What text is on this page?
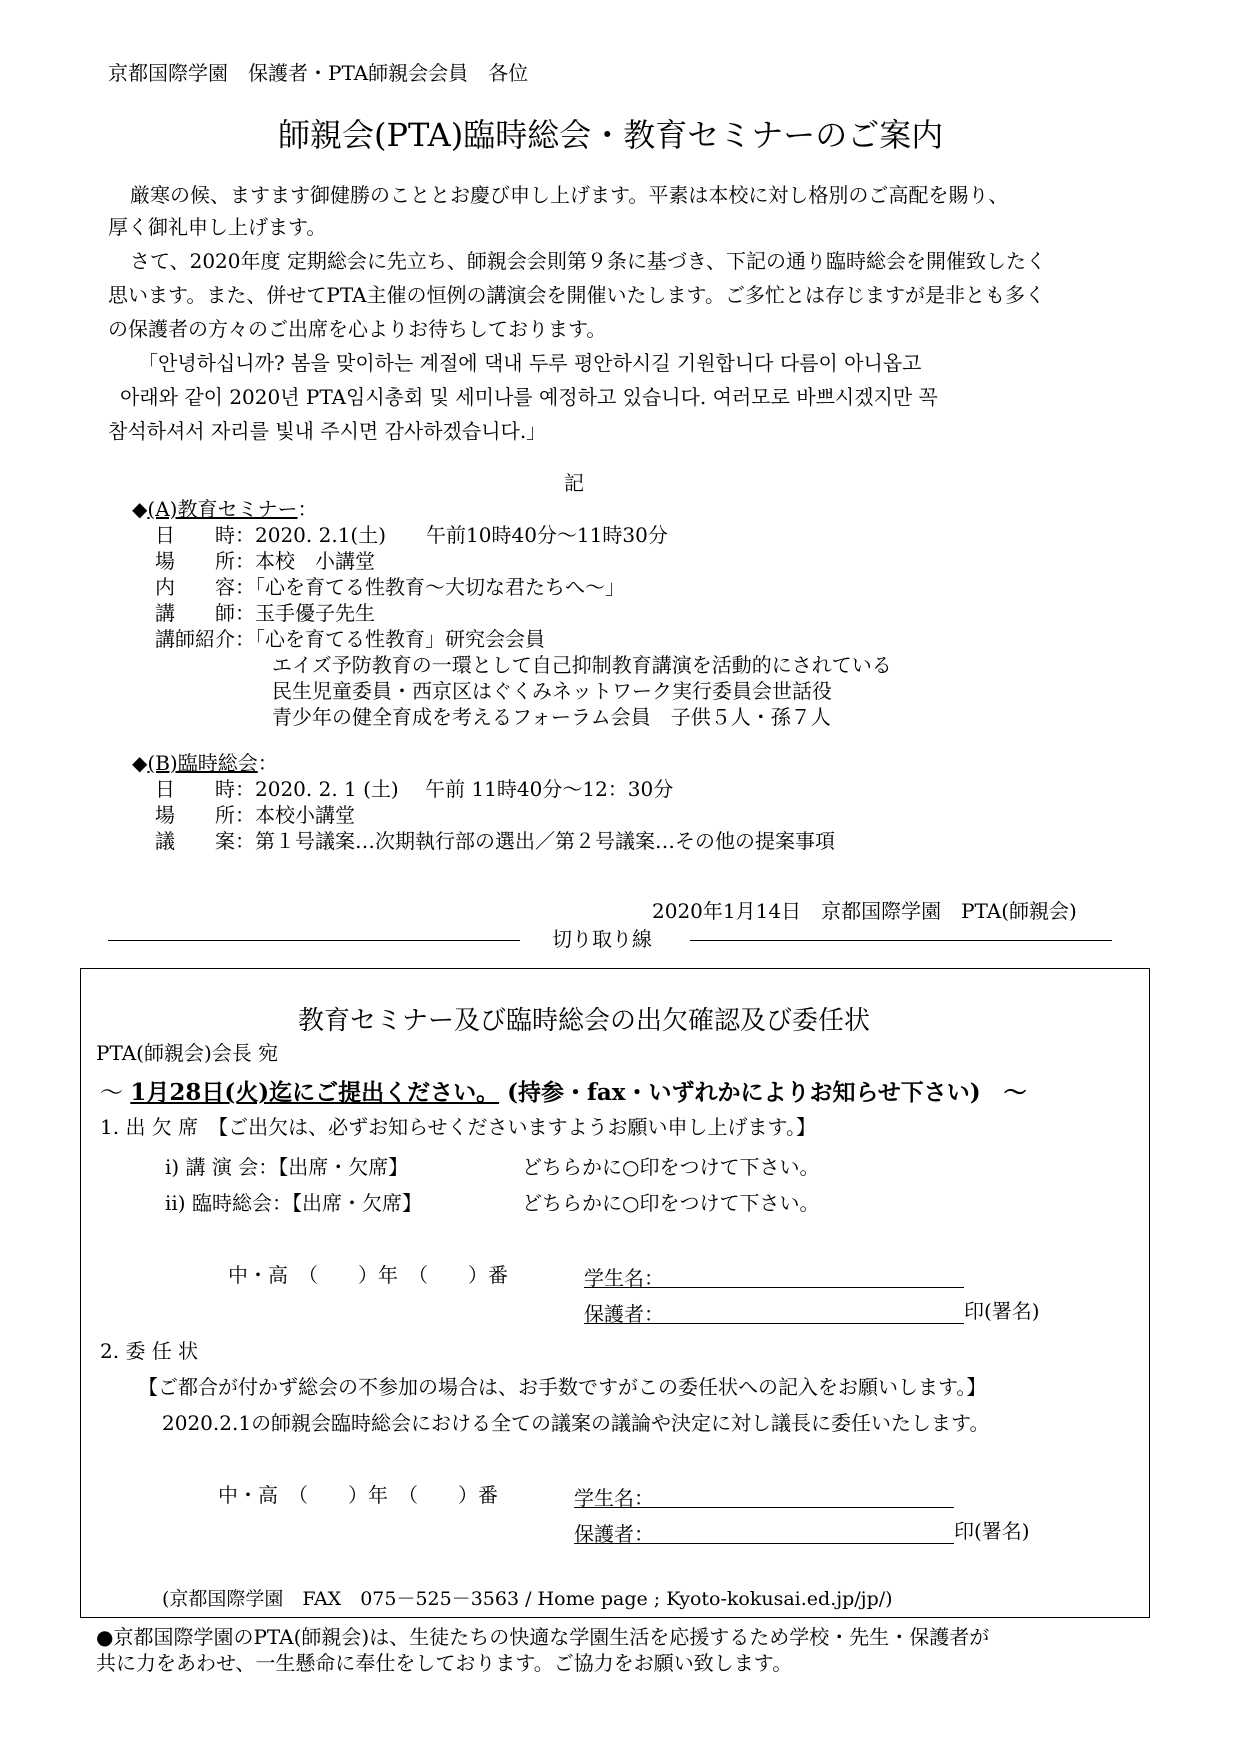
京都国際学園　保護者・PTA師親会会員　各位
師親会(PTA)臨時総会・教育セミナーのご案内
厳寒の候、ますます御健勝のこととお慶び申し上げます。平素は本校に対し格別のご高配を賜り、
厚く御礼申し上げます。
さて、2020年度 定期総会に先立ち、師親会会則第９条に基づき、下記の通り臨時総会を開催致したく
思います。また、併せてPTA主催の恒例の講演会を開催いたします。ご多忙とは存じますが是非とも多く
の保護者の方々のご出席を心よりお待ちしております。
「안녕하십니까? 봄을 맞이하는 계절에 댁내 두루 평안하시길 기원합니다 다름이 아니옵고
아래와 같이 2020년 PTA임시총회 및 세미나를 예정하고 있습니다. 여러모로 바쁘시겠지만 꼭
참석하셔서 자리를 빛내 주시면 감사하겠습니다.」
記
◆(A)教育セミナー：
日　　時：2020. 2.1(土)　　午前10時40分～11時30分
場　　所：本校　小講堂
内　　容：「心を育てる性教育～大切な君たちへ～」
講　　師：玉手優子先生
講師紹介：「心を育てる性教育」研究会会員
エイズ予防教育の一環として自己抑制教育講演を活動的にされている
民生児童委員・西京区はぐくみネットワーク実行委員会世話役
青少年の健全育成を考えるフォーラム会員　子供５人・孫７人
◆(B)臨時総会：
日　　時：2020. 2. 1 (土)　 午前 11時40分～12：30分
場　　所：本校小講堂
議　　案：第１号議案…次期執行部の選出／第２号議案…その他の提案事項
2020年1月14日　京都国際学園　PTA(師親会)
切り取り線
教育セミナー及び臨時総会の出欠確認及び委任状
PTA(師親会)会長 宛
～ 1月28日(火)迄にご提出ください。 (持参・fax・いずれかによりお知らせ下さい)　～
1. 出 欠 席　 【ご出欠は、必ずお知らせくださいますようお願い申し上げます。】
ⅰ) 講 演 会：【出席・欠席】	どちらかに○印をつけて下さい。
ⅱ) 臨時総会：【出席・欠席】	どちらかに○印をつけて下さい。
中・高　（　　）年　（　　）番	学生名：
保護者：	印(署名)
2. 委 任 状
【ご都合が付かず総会の不参加の場合は、お手数ですがこの委任状への記入をお願いします。】
2020.2.1の師親会臨時総会における全ての議案の議論や決定に対し議長に委任いたします。
中・高　（　　）年　（　　）番	学生名：
保護者：	印(署名)
(京都国際学園　FAX　075－525－3563 / Home page ; Kyoto-kokusai.ed.jp/jp/)
●京都国際学園のPTA(師親会)は、生徒たちの快適な学園生活を応援するため学校・先生・保護者が
共に力をあわせ、一生懸命に奉仕をしております。ご協力をお願い致します。
